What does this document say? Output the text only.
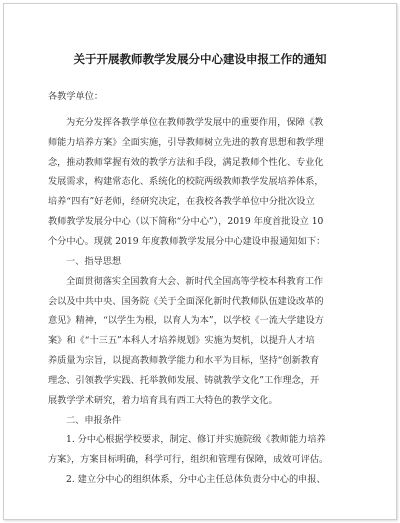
关于开展教师教学发展分中心建设申报工作的通知
各教学单位：
为充分发挥各教学单位在教师教学发展中的重要作用，保障《教
师能力培养方案》全面实施，引导教师树立先进的教育思想和教学理
念，推动教师掌握有效的教学方法和手段，满足教师个性化、专业化
发展需求，构建常态化、系统化的校院两级教师教学发展培养体系，
培养“四有”好老师，经研究决定，在我校各教学单位中分批次设立
教师教学发展分中心（以下简称“分中心”），2019 年度首批设立 10
个分中心。现就 2019 年度教师教学发展分中心建设申报通知如下：
一、指导思想
全面贯彻落实全国教育大会、新时代全国高等学校本科教育工作
会以及中共中央、国务院《关于全面深化新时代教师队伍建设改革的
意见》精神，“以学生为根，以育人为本”，以学校《一流大学建设方
案》和《“十三五”本科人才培养规划》实施为契机，以提升人才培
养质量为宗旨，以提高教师教学能力和水平为目标，坚持“创新教育
理念、引领教学实践、托举教师发展、铸就教学文化”工作理念，开
展教学学术研究，着力培育具有西工大特色的教学文化。
二、申报条件
1. 分中心根据学校要求，制定、修订并实施院级《教师能力培养
方案》，方案目标明确，科学可行，组织和管理有保障，成效可评估。
2. 建立分中心的组织体系，分中心主任总体负责分中心的申报、
